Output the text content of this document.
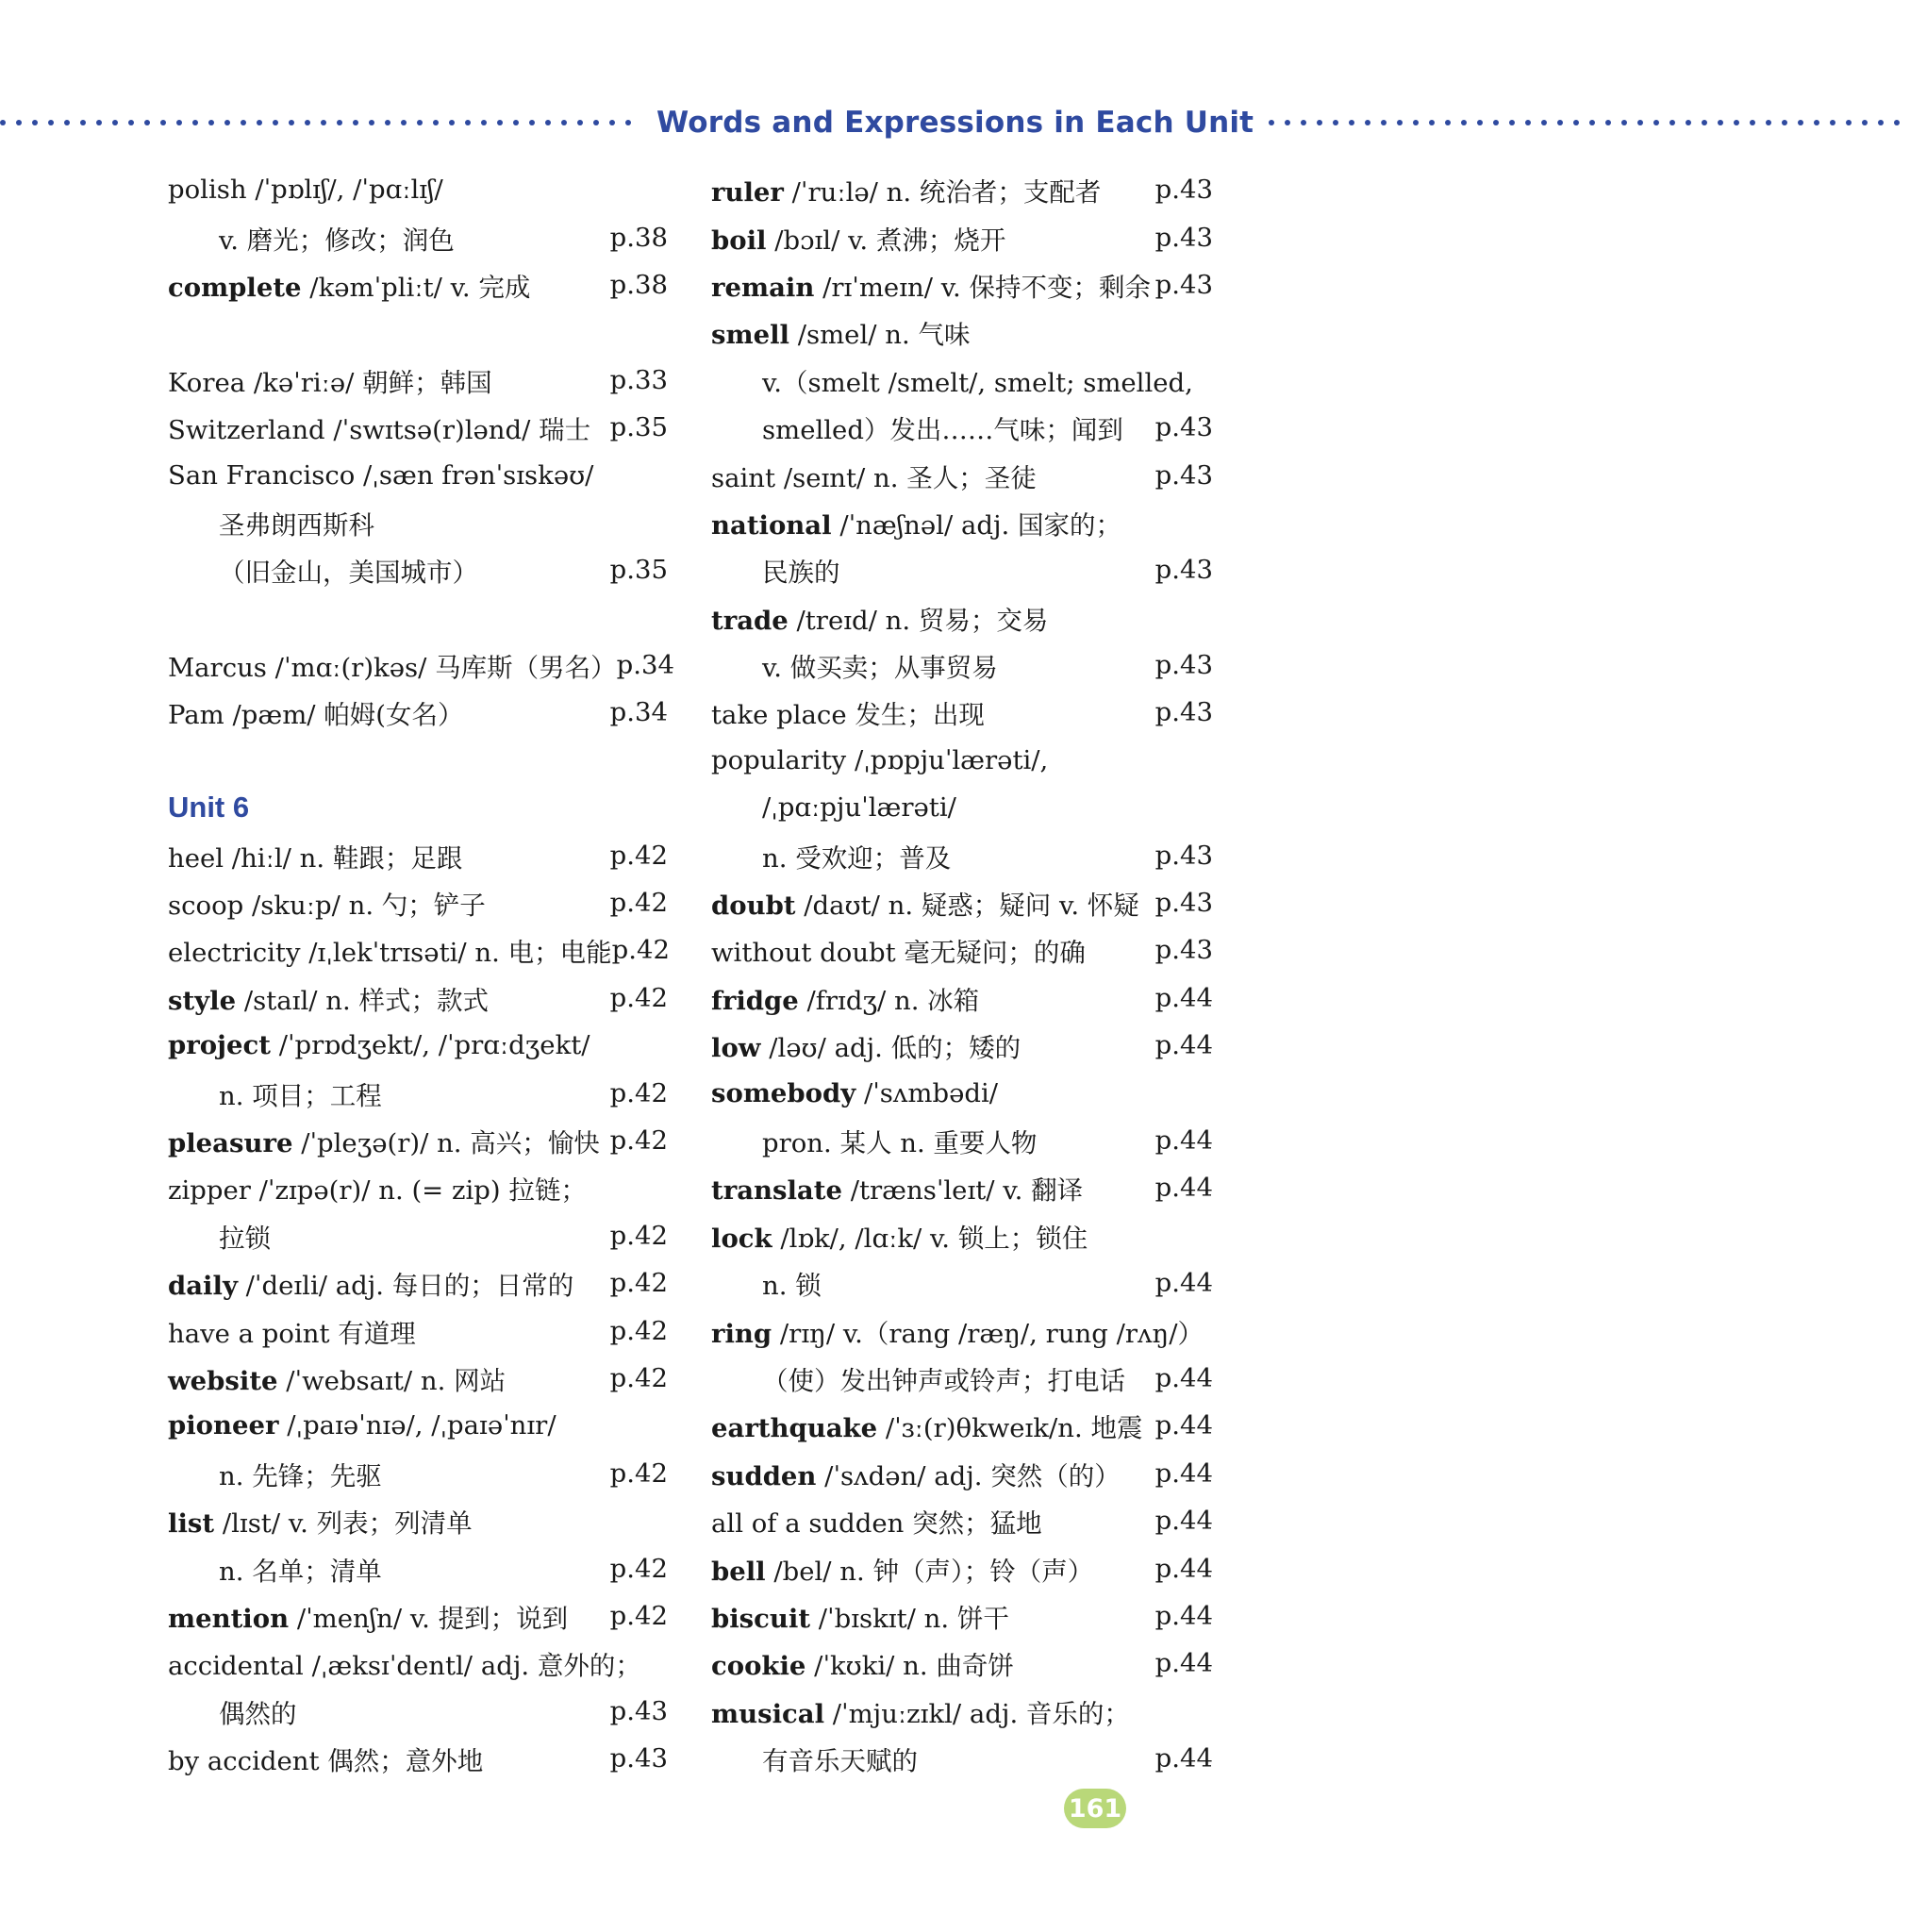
Words and Expressions in Each Unit
polish /ˈpɒlɪʃ/, /ˈpɑːlɪʃ/
v. 磨光；修改；润色	p.38
complete /kəmˈpliːt/ v. 完成	p.38
Korea /kəˈriːə/ 朝鲜；韩国	p.33
Switzerland /ˈswɪtsə(r)lənd/ 瑞士 p.35
San Francisco /ˌsæn frənˈsɪskəʊ/
圣弗朗西斯科
（旧金山，美国城市）	p.35
Marcus /ˈmɑː(r)kəs/ 马库斯（男名） p.34
Pam /pæm/ 帕姆(女名）	p.34
Unit 6
heel /hiːl/ n. 鞋跟；足跟	p.42
scoop /skuːp/ n. 勺；铲子	p.42
electricity /ɪˌlekˈtrɪsəti/ n. 电；电能 p.42
style /staɪl/ n. 样式；款式	p.42
project /ˈprɒdʒekt/, /ˈprɑːdʒekt/
n. 项目；工程	p.42
pleasure /ˈpleʒə(r)/ n. 高兴；愉快 p.42
zipper /ˈzɪpə(r)/ n. (= zip) 拉链；
拉锁	p.42
daily /ˈdeɪli/ adj. 每日的；日常的	p.42
have a point 有道理	p.42
website /ˈwebsaɪt/ n. 网站	p.42
pioneer /ˌpaɪəˈnɪə/, /ˌpaɪəˈnɪr/
n. 先锋；先驱	p.42
list /lɪst/ v. 列表；列清单
n. 名单；清单	p.42
mention /ˈmenʃn/ v. 提到；说到	p.42
accidental /ˌæksɪˈdentl/ adj. 意外的；
偶然的	p.43
by accident 偶然；意外地	p.43
ruler /ˈruːlə/ n. 统治者；支配者	p.43
boil /bɔɪl/ v. 煮沸；烧开	p.43
remain /rɪˈmeɪn/ v. 保持不变；剩余 p.43
smell /smel/ n. 气味
v.（smelt /smelt/, smelt; smelled,
smelled）发出……气味；闻到	p.43
saint /seɪnt/ n. 圣人；圣徒	p.43
national /ˈnæʃnəl/ adj. 国家的；
民族的	p.43
trade /treɪd/ n. 贸易；交易
v. 做买卖；从事贸易	p.43
take place 发生；出现	p.43
popularity /ˌpɒpjuˈlærəti/,
/ˌpɑːpjuˈlærəti/
n. 受欢迎；普及	p.43
doubt /daʊt/ n. 疑惑；疑问 v. 怀疑 p.43
without doubt 毫无疑问；的确	p.43
fridge /frɪdʒ/ n. 冰箱	p.44
low /ləʊ/ adj. 低的；矮的	p.44
somebody /ˈsʌmbədi/
pron. 某人 n. 重要人物	p.44
translate /trænsˈleɪt/ v. 翻译	p.44
lock /lɒk/, /lɑːk/ v. 锁上；锁住
n. 锁	p.44
ring /rɪŋ/ v.（rang /ræŋ/, rung /rʌŋ/）
（使）发出钟声或铃声；打电话	p.44
earthquake /ˈɜː(r)θkweɪk/n. 地震 p.44
sudden /ˈsʌdən/ adj. 突然（的）	p.44
all of a sudden 突然；猛地	p.44
bell /bel/ n. 钟（声）；铃（声）	p.44
biscuit /ˈbɪskɪt/ n. 饼干	p.44
cookie /ˈkʊki/ n. 曲奇饼	p.44
musical /ˈmjuːzɪkl/ adj. 音乐的；
有音乐天赋的	p.44
161
